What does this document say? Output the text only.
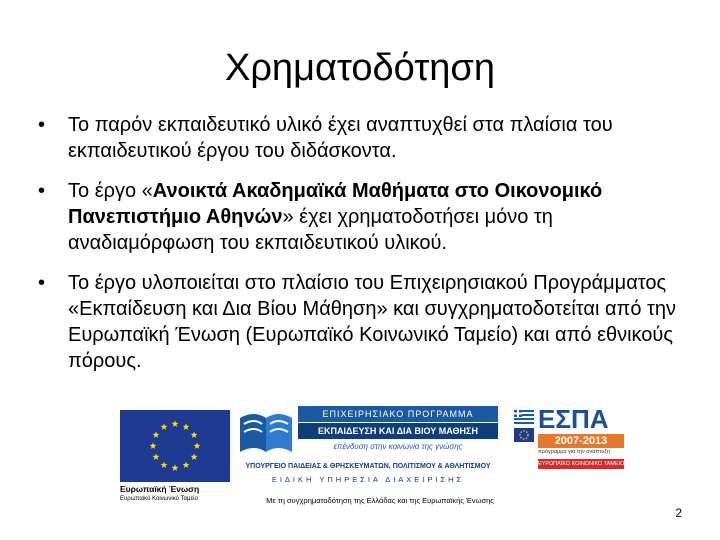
Χρηματοδότηση
• Το παρόν εκπαιδευτικό υλικό έχει αναπτυχθεί στα πλαίσια του εκπαιδευτικού έργου του διδάσκοντα.
• Το έργο «Ανοικτά Ακαδημαϊκά Μαθήματα στο Οικονομικό Πανεπιστήμιο Αθηνών» έχει χρηματοδοτήσει μόνο τη αναδιαμόρφωση του εκπαιδευτικού υλικού.
• Το έργο υλοποιείται στο πλαίσιο του Επιχειρησιακού Προγράμματος «Εκπαίδευση και Δια Βίου Μάθηση» και συγχρηματοδοτείται από την Ευρωπαϊκή Ένωση (Ευρωπαϊκό Κοινωνικό Ταμείο) και από εθνικούς πόρους.
Ευρωπαϊκή Ένωση
Ευρωπαϊκό Κοινωνικό Ταμείο
ΕΠΙΧΕΙΡΗΣΙΑΚΟ ΠΡΟΓΡΑΜΜΑ
ΕΚΠΑΙΔΕΥΣΗ ΚΑΙ ΔΙΑ ΒΙΟΥ ΜΑΘΗΣΗ
επένδυση στην κοινωνία της γνώσης
ΥΠΟΥΡΓΕΙΟ ΠΑΙΔΕΙΑΣ & ΘΡΗΣΚΕΥΜΑΤΩΝ, ΠΟΛΙΤΙΣΜΟΥ & ΑΘΛΗΤΙΣΜΟΥ
ΕΙΔΙΚΗ ΥΠΗΡΕΣΙΑ ΔΙΑΧΕΙΡΙΣΗΣ
ΕΣΠΑ
2007-2013
πρόγραμμα για την ανάπτυξη
ΕΥΡΩΠΑΪΚΟ ΚΟΙΝΩΝΙΚΟ ΤΑΜΕΙΟ
Με τη συγχρηματοδότηση της Ελλάδας και της Ευρωπαϊκής Ένωσης
2
